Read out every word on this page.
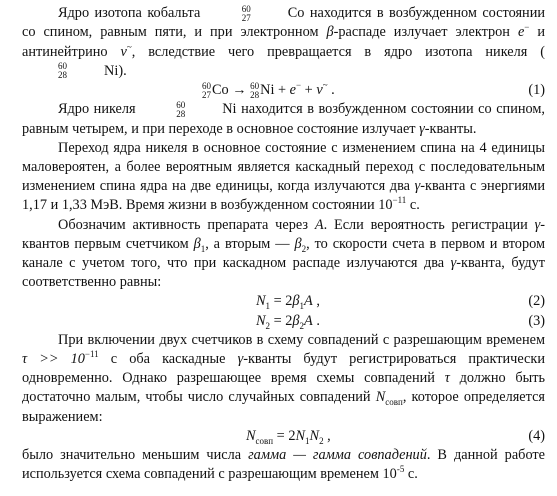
Ядро изотопа кобальта	60
27	Co находится в возбужденном состоянии со спином, равным пяти, и при электронном β-распаде излучает электрон e− и антинейтрино ν~, вследствие чего превращается в ядро изотопа никеля (
60
28	Ni ).

60
27 Co → 60
28 Ni + e− + ν~ .	(1)

Ядро никеля	60
28	Ni находится в возбужденном состоянии со спином, равным четырем, и при переходе в основное состояние излучает γ-кванты.

Переход ядра никеля в основное состояние с изменением спина на 4 единицы маловероятен, а более вероятным является каскадный переход с последовательным изменением спина ядра на две единицы, когда излучаются два γ-кванта с энергиями 1,17 и 1,33 МэВ. Время жизни в возбужденном состоянии $10^{-11}$ с.

Обозначим активность препарата через A. Если вероятность регистрации γ-квантов первым счетчиком $\beta_1$, а вторым — $\beta_2$, то скорости счета в первом и втором канале с учетом того, что при каскадном распаде излучаются два γ-кванта, будут соответственно равны:

$N_1 = 2\beta_1A$ ,	(2)
$N_2 = 2\beta_2A$ .	(3)

При включении двух счетчиков в схему совпадений с разрешающим временем $\tau >> 10^{-11}$ с оба каскадные γ-кванты будут регистрироваться практически одновременно. Однако разрешающее время схемы совпадений τ должно быть достаточно малым, чтобы число случайных совпадений $N_{совп}$, которое определяется выражением:

$N_{совп} = 2N_1N_2$ ,	(4)

было значительно меньшим числа гамма — гамма совпадений. В данной работе используется схема совпадений с разрешающим временем $10^{-5}$ с.
